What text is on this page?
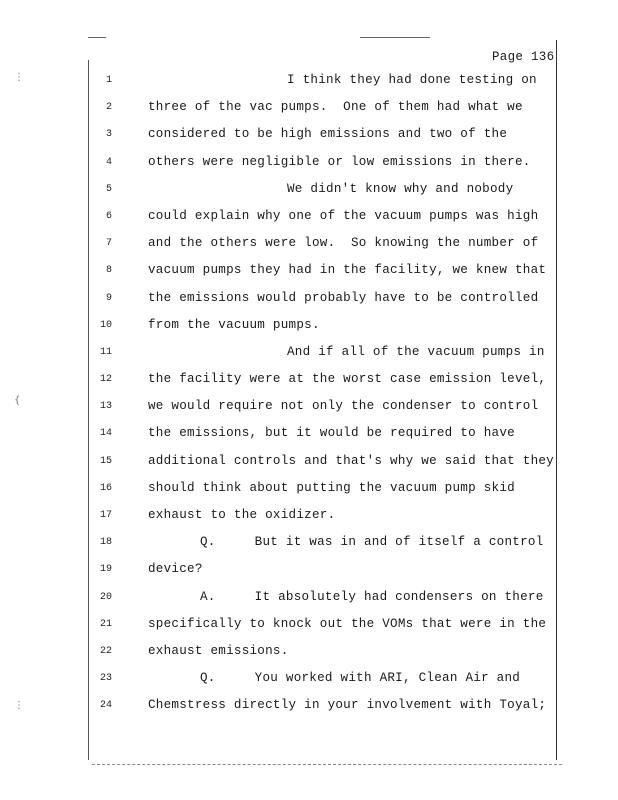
⋮
{
⋮
Page 136
1	I think they had done testing on
2	three of the vac pumps.  One of them had what we
3	considered to be high emissions and two of the
4	others were negligible or low emissions in there.
5	We didn't know why and nobody
6	could explain why one of the vacuum pumps was high
7	and the others were low.  So knowing the number of
8	vacuum pumps they had in the facility, we knew that
9	the emissions would probably have to be controlled
10	from the vacuum pumps.
11	And if all of the vacuum pumps in
12	the facility were at the worst case emission level,
13	we would require not only the condenser to control
14	the emissions, but it would be required to have
15	additional controls and that's why we said that they
16	should think about putting the vacuum pump skid
17	exhaust to the oxidizer.
18	Q.     But it was in and of itself a control
19	device?
20	A.     It absolutely had condensers on there
21	specifically to knock out the VOMs that were in the
22	exhaust emissions.
23	Q.     You worked with ARI, Clean Air and
24	Chemstress directly in your involvement with Toyal;
